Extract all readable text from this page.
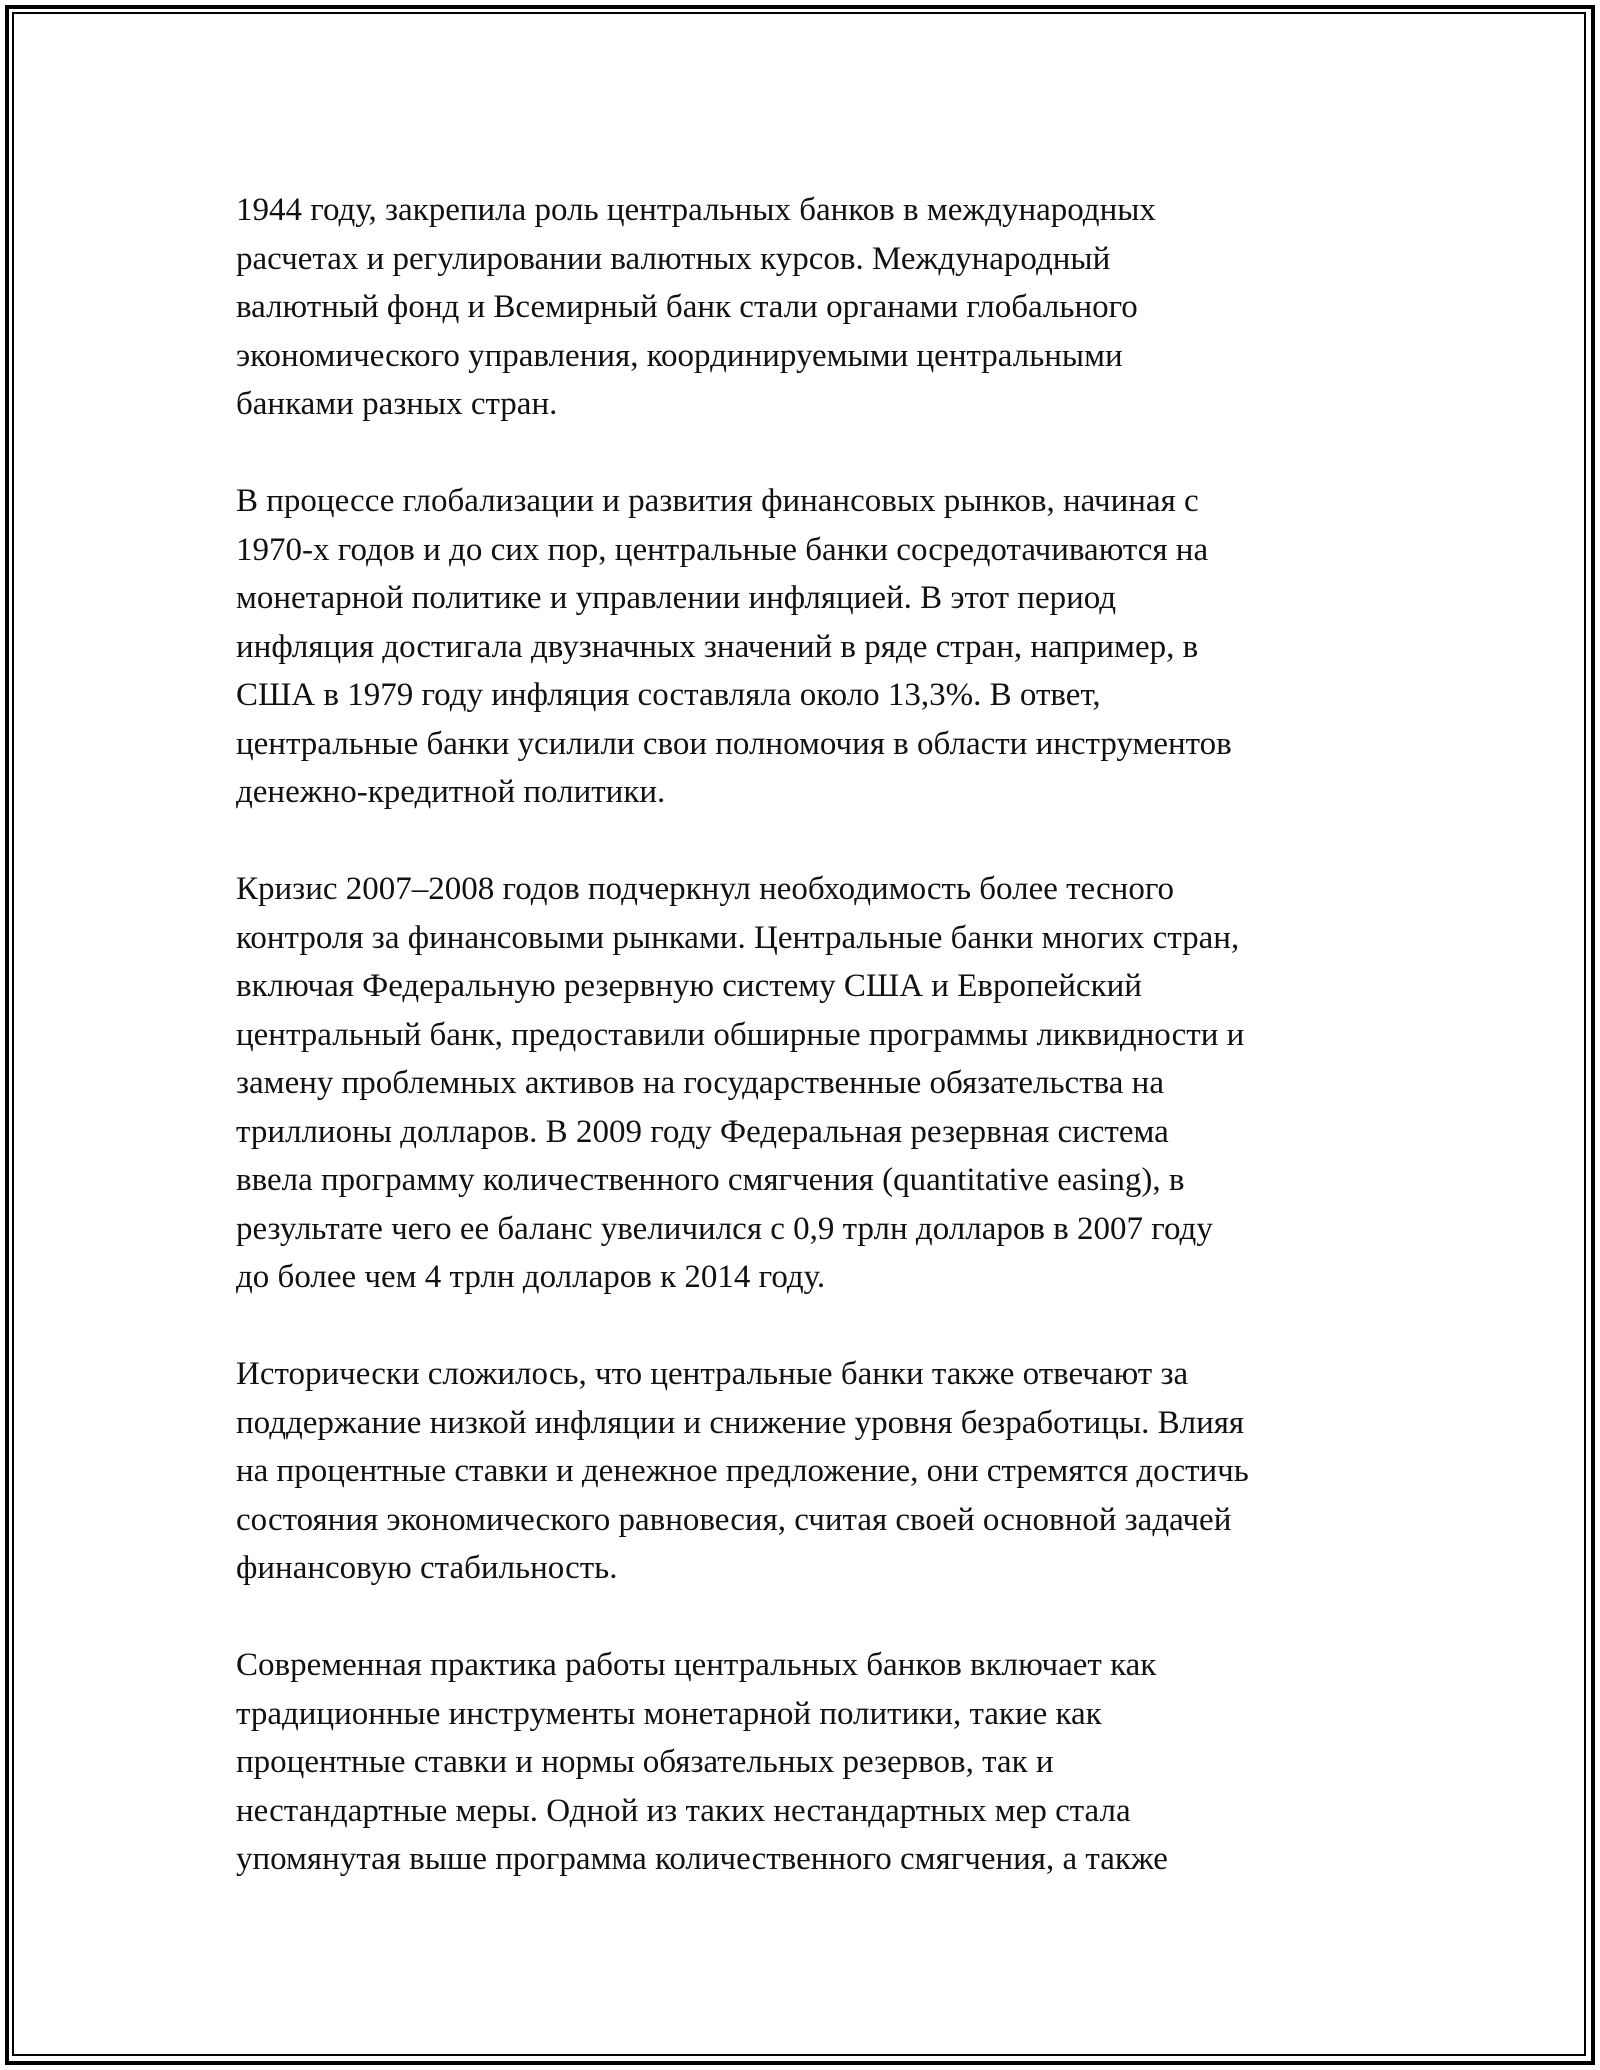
1944 году, закрепила роль центральных банков в международных
расчетах и регулировании валютных курсов. Международный
валютный фонд и Всемирный банк стали органами глобального
экономического управления, координируемыми центральными
банками разных стран.
В процессе глобализации и развития финансовых рынков, начиная с
1970-х годов и до сих пор, центральные банки сосредотачиваются на
монетарной политике и управлении инфляцией. В этот период
инфляция достигала двузначных значений в ряде стран, например, в
США в 1979 году инфляция составляла около 13,3%. В ответ,
центральные банки усилили свои полномочия в области инструментов
денежно-кредитной политики.
Кризис 2007–2008 годов подчеркнул необходимость более тесного
контроля за финансовыми рынками. Центральные банки многих стран,
включая Федеральную резервную систему США и Европейский
центральный банк, предоставили обширные программы ликвидности и
замену проблемных активов на государственные обязательства на
триллионы долларов. В 2009 году Федеральная резервная система
ввела программу количественного смягчения (quantitative easing), в
результате чего ее баланс увеличился с 0,9 трлн долларов в 2007 году
до более чем 4 трлн долларов к 2014 году.
Исторически сложилось, что центральные банки также отвечают за
поддержание низкой инфляции и снижение уровня безработицы. Влияя
на процентные ставки и денежное предложение, они стремятся достичь
состояния экономического равновесия, считая своей основной задачей
финансовую стабильность.
Современная практика работы центральных банков включает как
традиционные инструменты монетарной политики, такие как
процентные ставки и нормы обязательных резервов, так и
нестандартные меры. Одной из таких нестандартных мер стала
упомянутая выше программа количественного смягчения, а также
